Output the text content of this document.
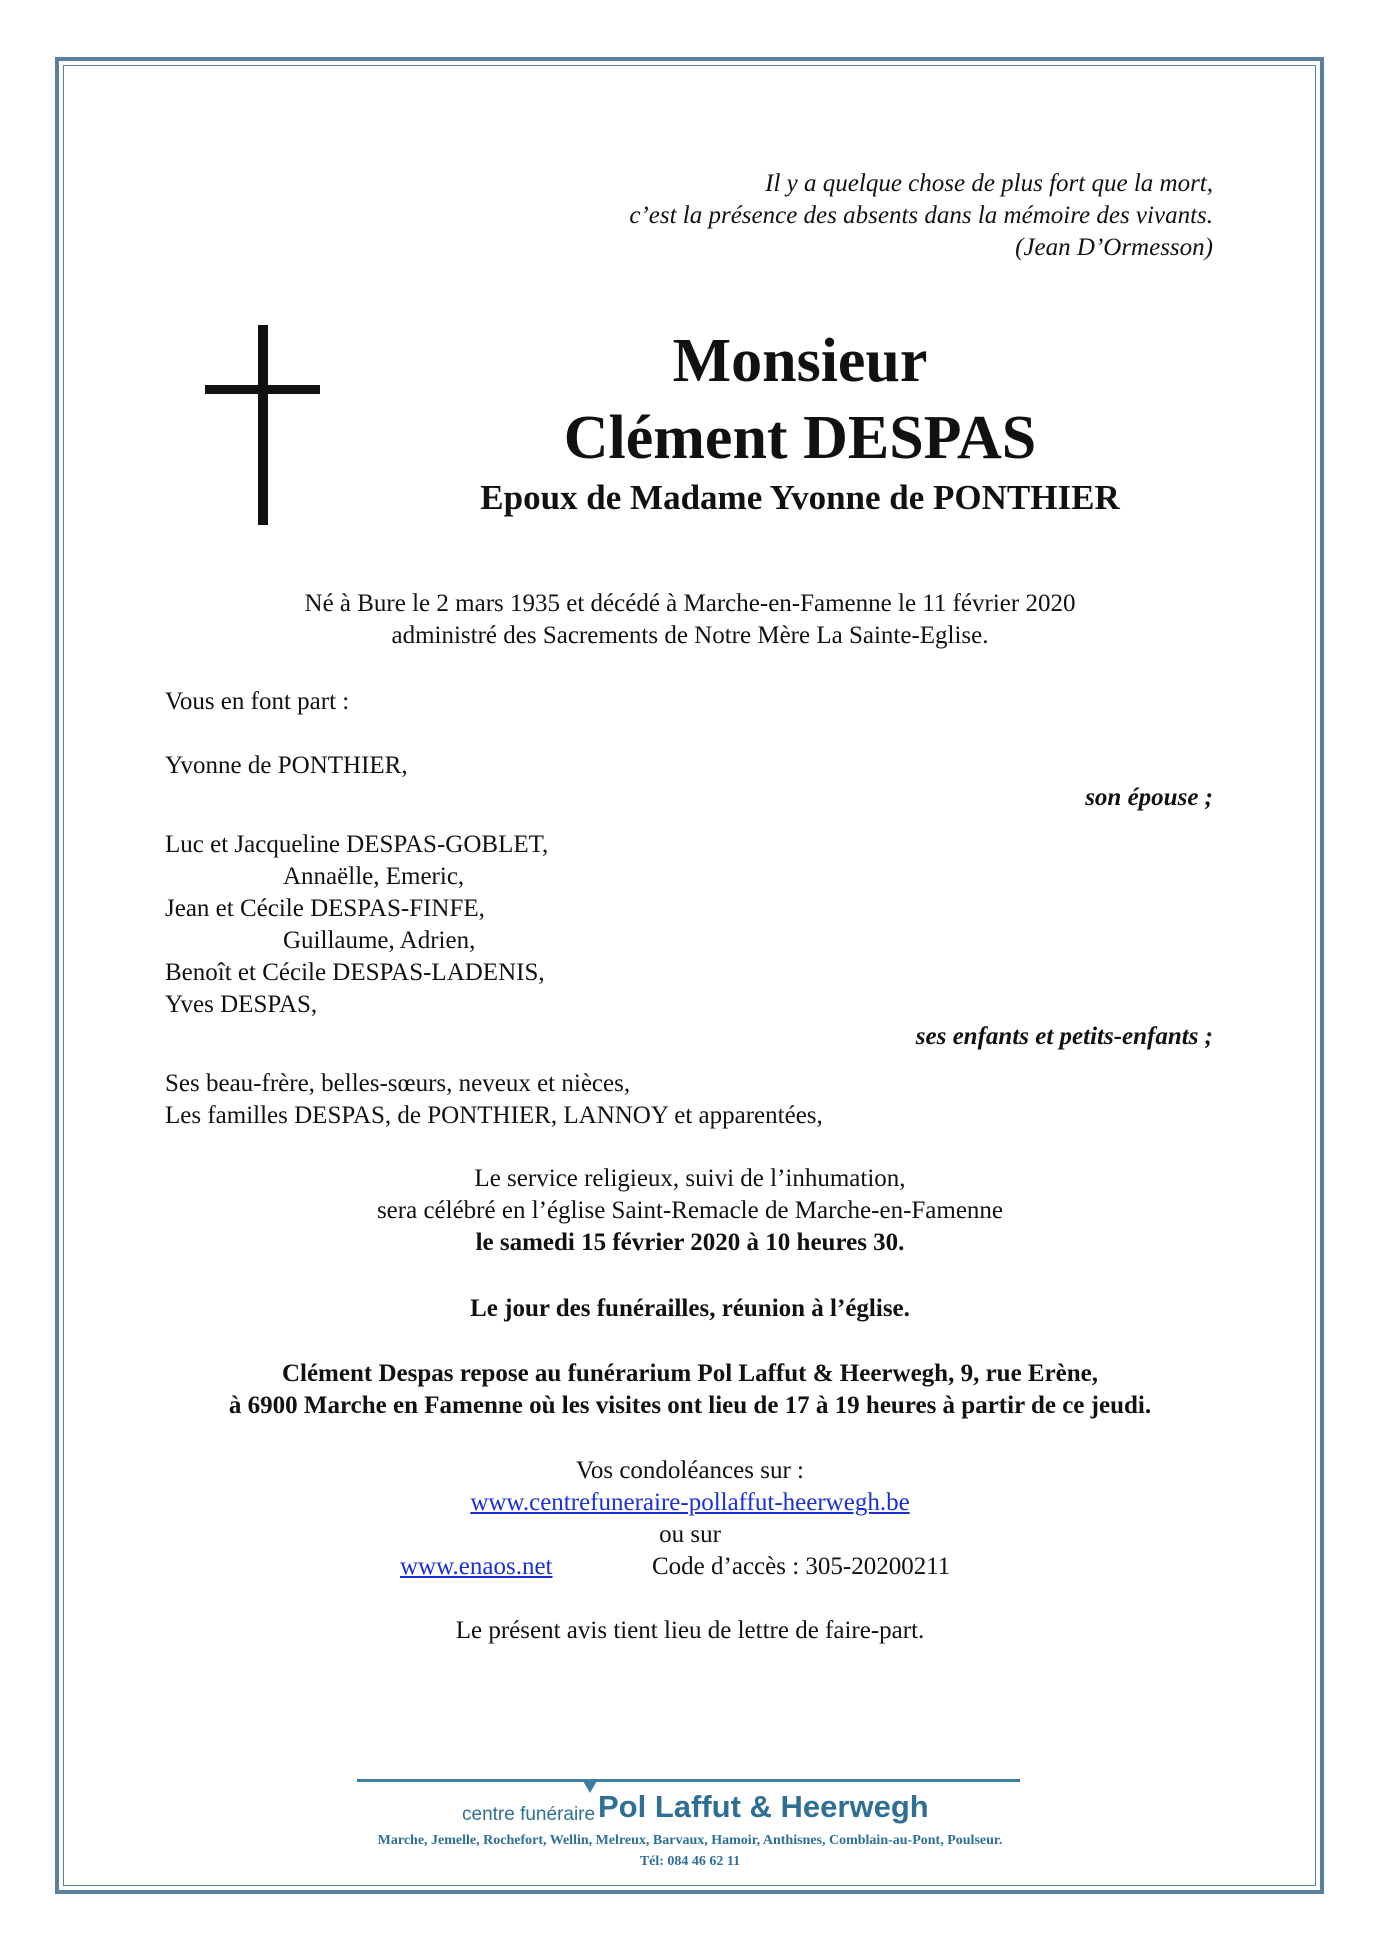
Il y a quelque chose de plus fort que la mort,
c’est la présence des absents dans la mémoire des vivants.
(Jean D’Ormesson)
Monsieur
Clément DESPAS
Epoux de Madame Yvonne de PONTHIER
Né à Bure le 2 mars 1935 et décédé à Marche-en-Famenne le 11 février 2020
administré des Sacrements de Notre Mère La Sainte-Eglise.
Vous en font part :
Yvonne de PONTHIER,
son épouse ;
Luc et Jacqueline DESPAS-GOBLET,
Annaëlle, Emeric,
Jean et Cécile DESPAS-FINFE,
Guillaume, Adrien,
Benoît et Cécile DESPAS-LADENIS,
Yves DESPAS,
ses enfants et petits-enfants ;
Ses beau-frère, belles-sœurs, neveux et nièces,
Les familles DESPAS, de PONTHIER, LANNOY et apparentées,
Le service religieux, suivi de l’inhumation,
sera célébré en l’église Saint-Remacle de Marche-en-Famenne
le samedi 15 février 2020 à 10 heures 30.
Le jour des funérailles, réunion à l’église.
Clément Despas repose au funérarium Pol Laffut & Heerwegh, 9, rue Erène,
à 6900 Marche en Famenne où les visites ont lieu de 17 à 19 heures à partir de ce jeudi.
Vos condoléances sur :
www.centrefuneraire-pollaffut-heerwegh.be
ou sur
www.enaos.net	Code d’accès : 305-20200211
Le présent avis tient lieu de lettre de faire-part.
centre funéraire Pol Laffut & Heerwegh
Marche, Jemelle, Rochefort, Wellin, Melreux, Barvaux, Hamoir, Anthisnes, Comblain-au-Pont, Poulseur.
Tél: 084 46 62 11
